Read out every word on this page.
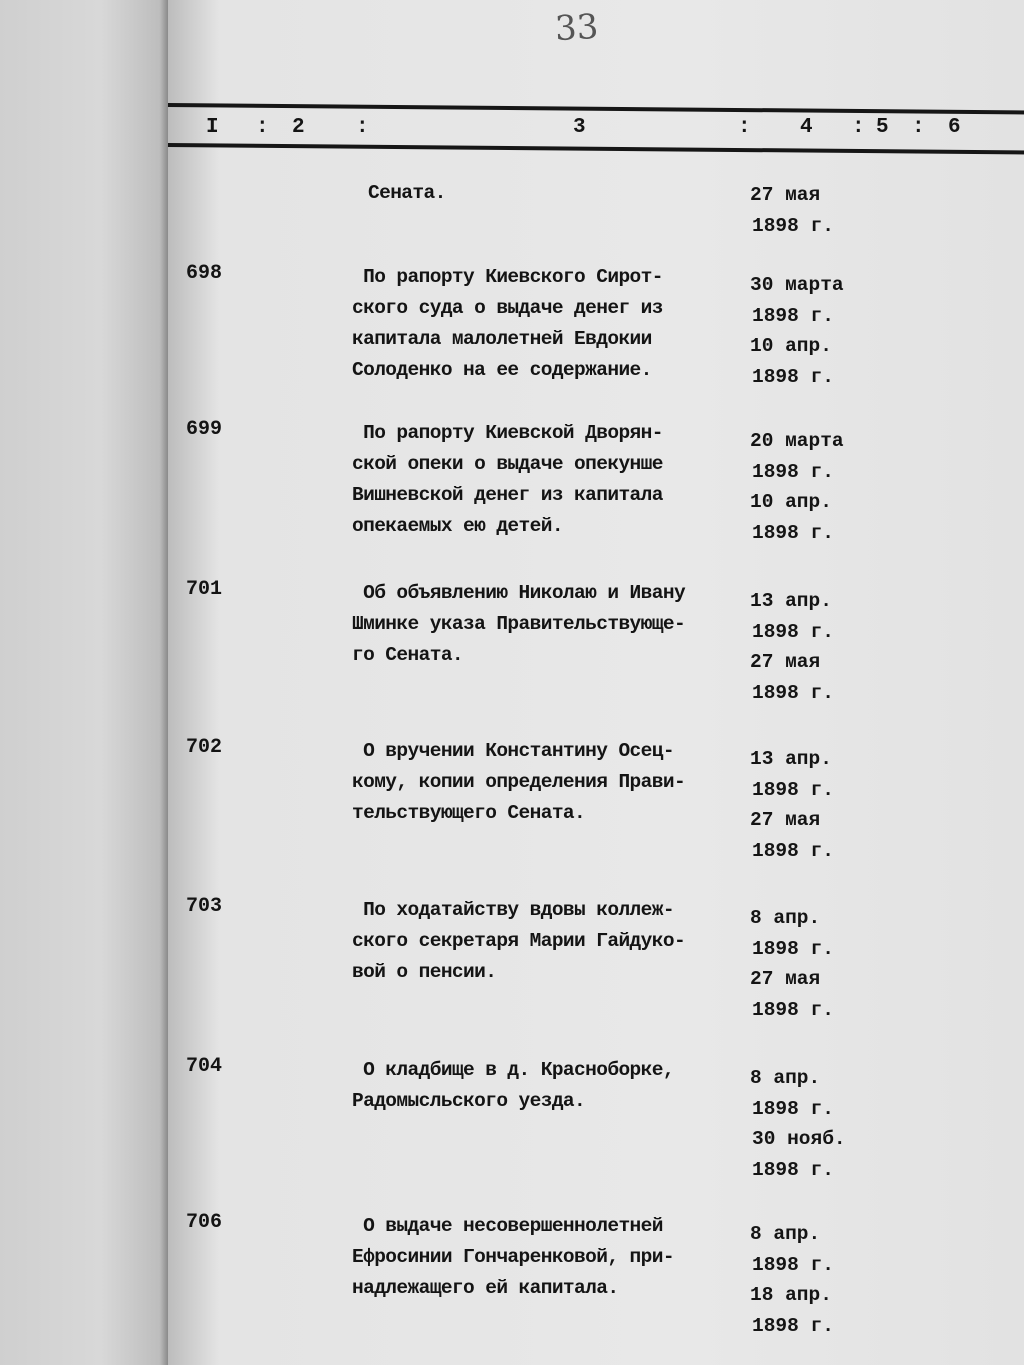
33
I : 2 :	3	: 4 : 5 : 6
Сената.	27 мая
1898 г.
698	По рапорту Киевского Сирот-
ского суда о выдаче денег из
капитала малолетней Евдокии
Солоденко на ее содержание.
30 марта
1898 г.
10 апр.
1898 г.
699	По рапорту Киевской Дворян-
ской опеки о выдаче опекунше
Вишневской денег из капитала
опекаемых ею детей.
20 марта
1898 г.
10 апр.
1898 г.
701	Об объявлению Николаю и Ивану
Шминке указа Правительствующе-
го Сената.
13 апр.
1898 г.
27 мая
1898 г.
702	О вручении Константину Осец-
кому, копии определения Прави-
тельствующего Сената.
13 апр.
1898 г.
27 мая
1898 г.
703	По ходатайству вдовы коллеж-
ского секретаря Марии Гайдуко-
вой о пенсии.
8 апр.
1898 г.
27 мая
1898 г.
704	О кладбище в д. Красноборке,
Радомысльского уезда.
8 апр.
1898 г.
30 нояб.
1898 г.
706	О выдаче несовершеннолетней
Ефросинии Гончаренковой, при-
надлежащего ей капитала.
8 апр.
1898 г.
18 апр.
1898 г.
